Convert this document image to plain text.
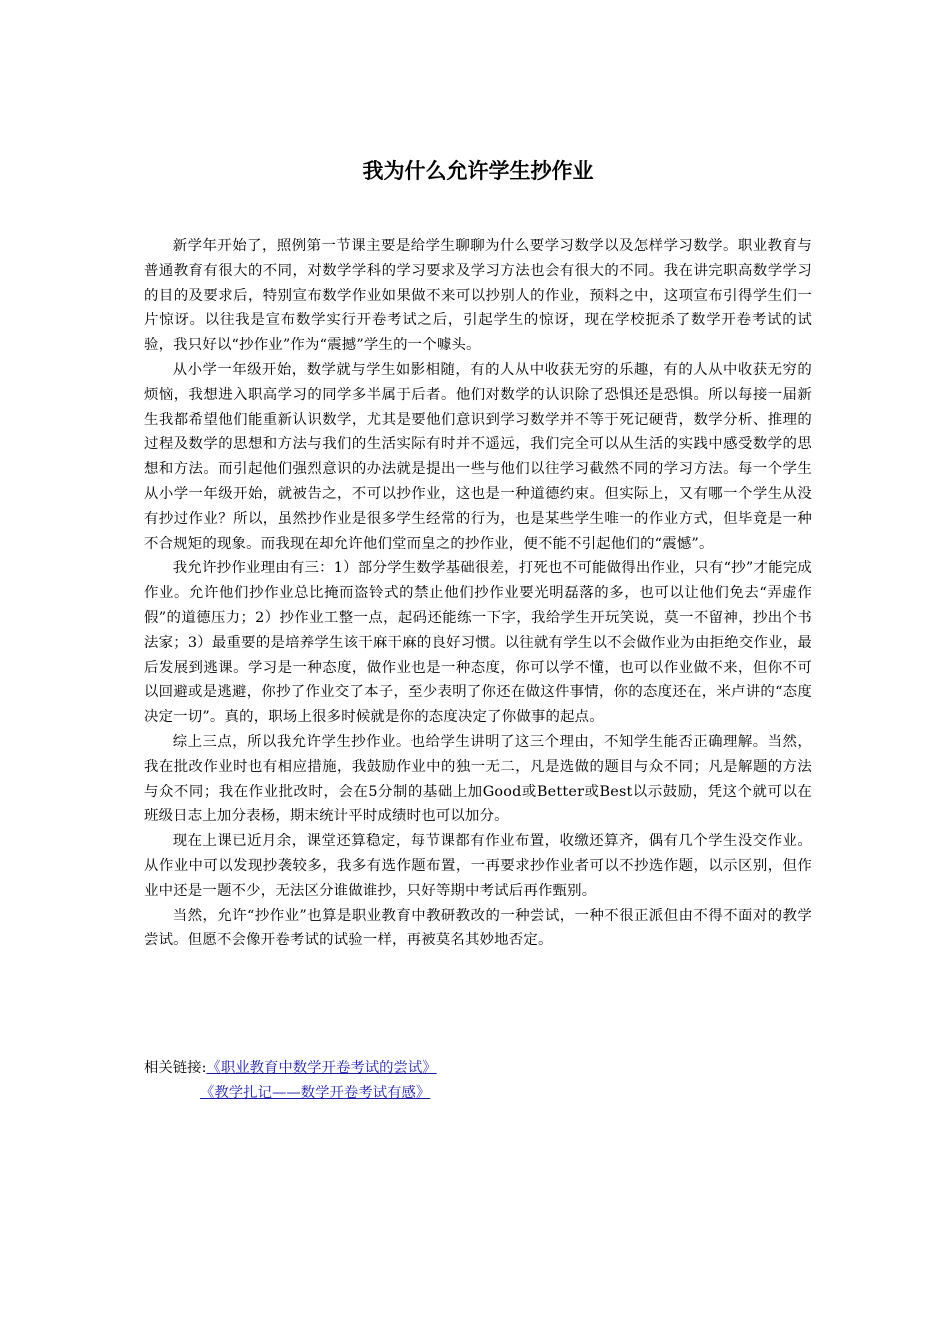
我为什么允许学生抄作业

新学年开始了，照例第一节课主要是给学生聊聊为什么要学习数学以及怎样学习数学。职业教育与普通教育有很大的不同，对数学学科的学习要求及学习方法也会有很大的不同。我在讲完职高数学学习的目的及要求后，特别宣布数学作业如果做不来可以抄别人的作业，预料之中，这项宣布引得学生们一片惊讶。以往我是宣布数学实行开卷考试之后，引起学生的惊讶，现在学校扼杀了数学开卷考试的试验，我只好以“抄作业”作为“震撼”学生的一个噱头。

从小学一年级开始，数学就与学生如影相随，有的人从中收获无穷的乐趣，有的人从中收获无穷的烦恼，我想进入职高学习的同学多半属于后者。他们对数学的认识除了恐惧还是恐惧。所以每接一届新生我都希望他们能重新认识数学，尤其是要他们意识到学习数学并不等于死记硬背，数学分析、推理的过程及数学的思想和方法与我们的生活实际有时并不遥远，我们完全可以从生活的实践中感受数学的思想和方法。而引起他们强烈意识的办法就是提出一些与他们以往学习截然不同的学习方法。每一个学生从小学一年级开始，就被告之，不可以抄作业，这也是一种道德约束。但实际上，又有哪一个学生从没有抄过作业？所以，虽然抄作业是很多学生经常的行为，也是某些学生唯一的作业方式，但毕竟是一种不合规矩的现象。而我现在却允许他们堂而皇之的抄作业，便不能不引起他们的“震憾”。

我允许抄作业理由有三：1）部分学生数学基础很差，打死也不可能做得出作业，只有“抄”才能完成作业。允许他们抄作业总比掩而盗铃式的禁止他们抄作业要光明磊落的多，也可以让他们免去“弄虚作假”的道德压力；2）抄作业工整一点，起码还能练一下字，我给学生开玩笑说，莫一不留神，抄出个书法家；3）最重要的是培养学生该干麻干麻的良好习惯。以往就有学生以不会做作业为由拒绝交作业，最后发展到逃课。学习是一种态度，做作业也是一种态度，你可以学不懂，也可以作业做不来，但你不可以回避或是逃避，你抄了作业交了本子，至少表明了你还在做这件事情，你的态度还在，米卢讲的“态度决定一切”。真的，职场上很多时候就是你的态度决定了你做事的起点。

综上三点，所以我允许学生抄作业。也给学生讲明了这三个理由，不知学生能否正确理解。当然，我在批改作业时也有相应措施，我鼓励作业中的独一无二，凡是选做的题目与众不同；凡是解题的方法与众不同；我在作业批改时，会在5分制的基础上加Good或Better或Best以示鼓励，凭这个就可以在班级日志上加分表杨，期末统计平时成绩时也可以加分。

现在上课已近月余，课堂还算稳定，每节课都有作业布置，收缴还算齐，偶有几个学生没交作业。从作业中可以发现抄袭较多，我多有选作题布置，一再要求抄作业者可以不抄选作题，以示区别，但作业中还是一题不少，无法区分谁做谁抄，只好等期中考试后再作甄别。

当然，允许“抄作业”也算是职业教育中教研教改的一种尝试，一种不很正派但由不得不面对的教学尝试。但愿不会像开卷考试的试验一样，再被莫名其妙地否定。

相关链接:《职业教育中数学开卷考试的尝试》

《教学扎记——数学开卷考试有感》
